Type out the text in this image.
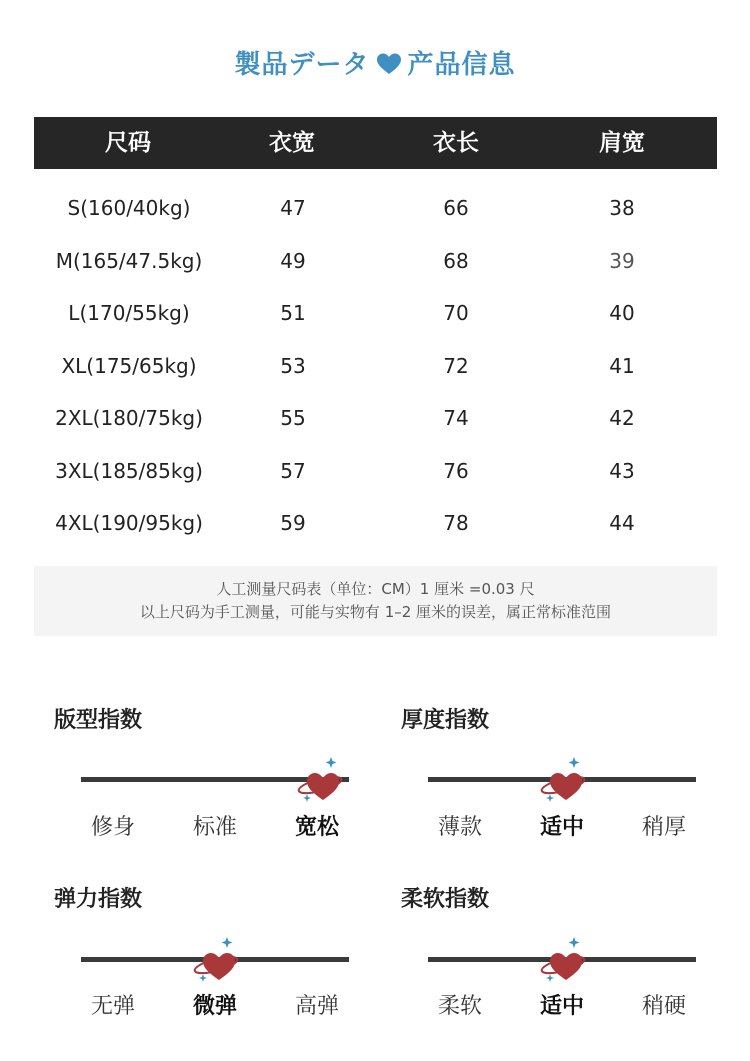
製品データ 产品信息
尺码	衣宽	衣长	肩宽
S(160/40kg)	47	66	38
M(165/47.5kg)	49	68	39
L(170/55kg)	51	70	40
XL(175/65kg)	53	72	41
2XL(180/75kg)	55	74	42
3XL(185/85kg)	57	76	43
4XL(190/95kg)	59	78	44
人工测量尺码表（单位：CM）1 厘米 =0.03 尺
以上尺码为手工测量，可能与实物有 1–2 厘米的误差，属正常标准范围
版型指数
修身	标准	宽松
厚度指数
薄款	适中	稍厚
弹力指数
无弹	微弹	高弹
柔软指数
柔软	适中	稍硬
